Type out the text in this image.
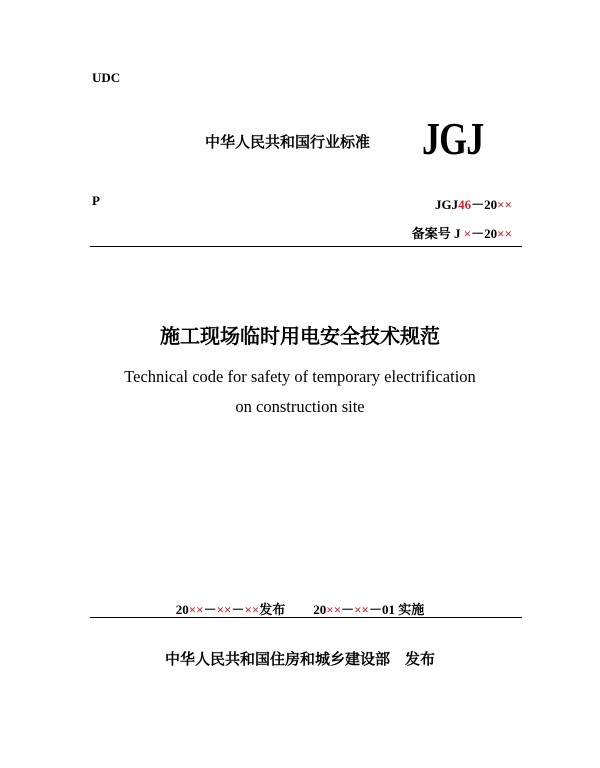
UDC
中华人民共和国行业标准 JGJ
P	JGJ46－20××
备案号 J ×－20××
施工现场临时用电安全技术规范
Technical code for safety of temporary electrification
on construction site
20××－××－××发布 20××－××－01 实施
中华人民共和国住房和城乡建设部　发布
